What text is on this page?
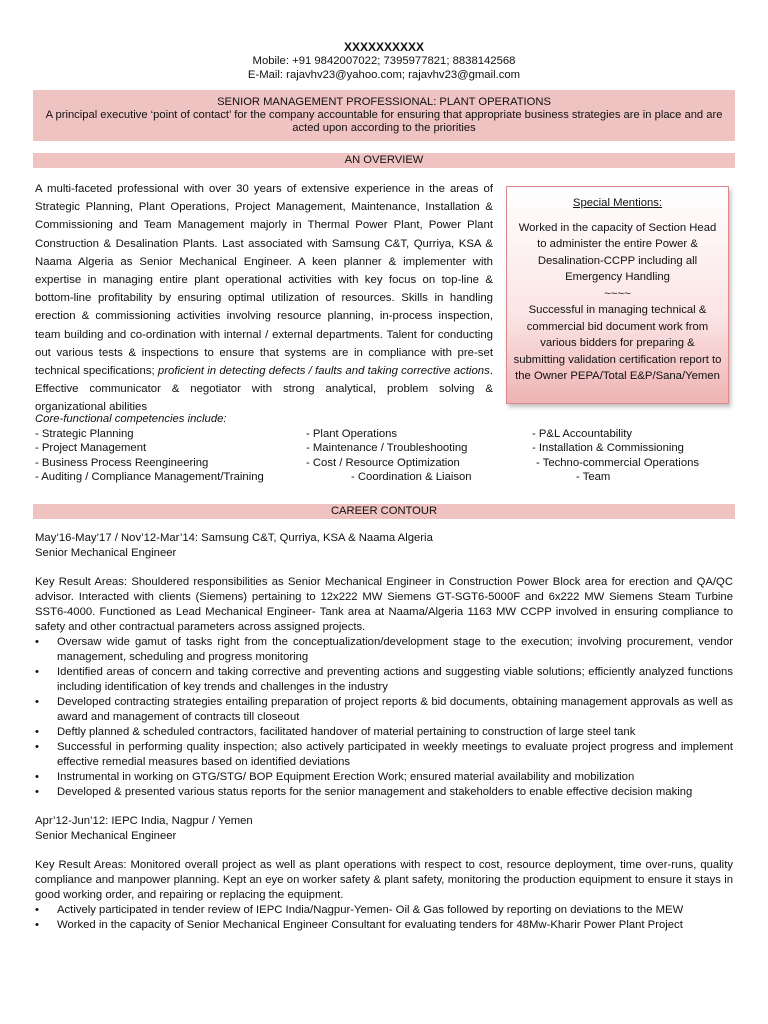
XXXXXXXXXX
Mobile: +91 9842007022; 7395977821; 8838142568
E-Mail: rajavhv23@yahoo.com; rajavhv23@gmail.com
SENIOR MANAGEMENT PROFESSIONAL: PLANT OPERATIONS
A principal executive ‘point of contact’ for the company accountable for ensuring that appropriate business strategies are in place and are acted upon according to the priorities
AN OVERVIEW
A multi-faceted professional with over 30 years of extensive experience in the areas of Strategic Planning, Plant Operations, Project Management, Maintenance, Installation & Commissioning and Team Management majorly in Thermal Power Plant, Power Plant Construction & Desalination Plants. Last associated with Samsung C&T, Qurriya, KSA & Naama Algeria as Senior Mechanical Engineer. A keen planner & implementer with expertise in managing entire plant operational activities with key focus on top-line & bottom-line profitability by ensuring optimal utilization of resources. Skills in handling erection & commissioning activities involving resource planning, in-process inspection, team building and co-ordination with internal / external departments. Talent for conducting out various tests & inspections to ensure that systems are in compliance with pre-set technical specifications; proficient in detecting defects / faults and taking corrective actions. Effective communicator & negotiator with strong analytical, problem solving & organizational abilities
Special Mentions:
Worked in the capacity of Section Head to administer the entire Power & Desalination-CCPP including all Emergency Handling
~~~~
Successful in managing technical & commercial bid document work from various bidders for preparing & submitting validation certification report to the Owner PEPA/Total E&P/Sana/Yemen
Core-functional competencies include:
- Strategic Planning
- Project Management
- Business Process Reengineering
- Auditing / Compliance Management/Training
- Plant Operations
- Maintenance / Troubleshooting
- Cost / Resource Optimization
- Coordination & Liaison
- P&L Accountability
- Installation & Commissioning
- Techno-commercial Operations
- Team
CAREER CONTOUR
May’16-May’17 / Nov’12-Mar’14: Samsung C&T, Qurriya, KSA & Naama Algeria
Senior Mechanical Engineer
Key Result Areas: Shouldered responsibilities as Senior Mechanical Engineer in Construction Power Block area for erection and QA/QC advisor. Interacted with clients (Siemens) pertaining to 12x222 MW Siemens GT-SGT6-5000F and 6x222 MW Siemens Steam Turbine SST6-4000. Functioned as Lead Mechanical Engineer- Tank area at Naama/Algeria 1163 MW CCPP involved in ensuring compliance to safety and other contractual parameters across assigned projects.
• Oversaw wide gamut of tasks right from the conceptualization/development stage to the execution; involving procurement, vendor management, scheduling and progress monitoring
• Identified areas of concern and taking corrective and preventing actions and suggesting viable solutions; efficiently analyzed functions including identification of key trends and challenges in the industry
• Developed contracting strategies entailing preparation of project reports & bid documents, obtaining management approvals as well as award and management of contracts till closeout
• Deftly planned & scheduled contractors, facilitated handover of material pertaining to construction of large steel tank
• Successful in performing quality inspection; also actively participated in weekly meetings to evaluate project progress and implement effective remedial measures based on identified deviations
• Instrumental in working on GTG/STG/ BOP Equipment Erection Work; ensured material availability and mobilization
• Developed & presented various status reports for the senior management and stakeholders to enable effective decision making
Apr’12-Jun’12: IEPC India, Nagpur / Yemen
Senior Mechanical Engineer
Key Result Areas: Monitored overall project as well as plant operations with respect to cost, resource deployment, time over-runs, quality compliance and manpower planning. Kept an eye on worker safety & plant safety, monitoring the production equipment to ensure it stays in good working order, and repairing or replacing the equipment.
• Actively participated in tender review of IEPC India/Nagpur-Yemen- Oil & Gas followed by reporting on deviations to the MEW
• Worked in the capacity of Senior Mechanical Engineer Consultant for evaluating tenders for 48Mw-Kharir Power Plant Project
